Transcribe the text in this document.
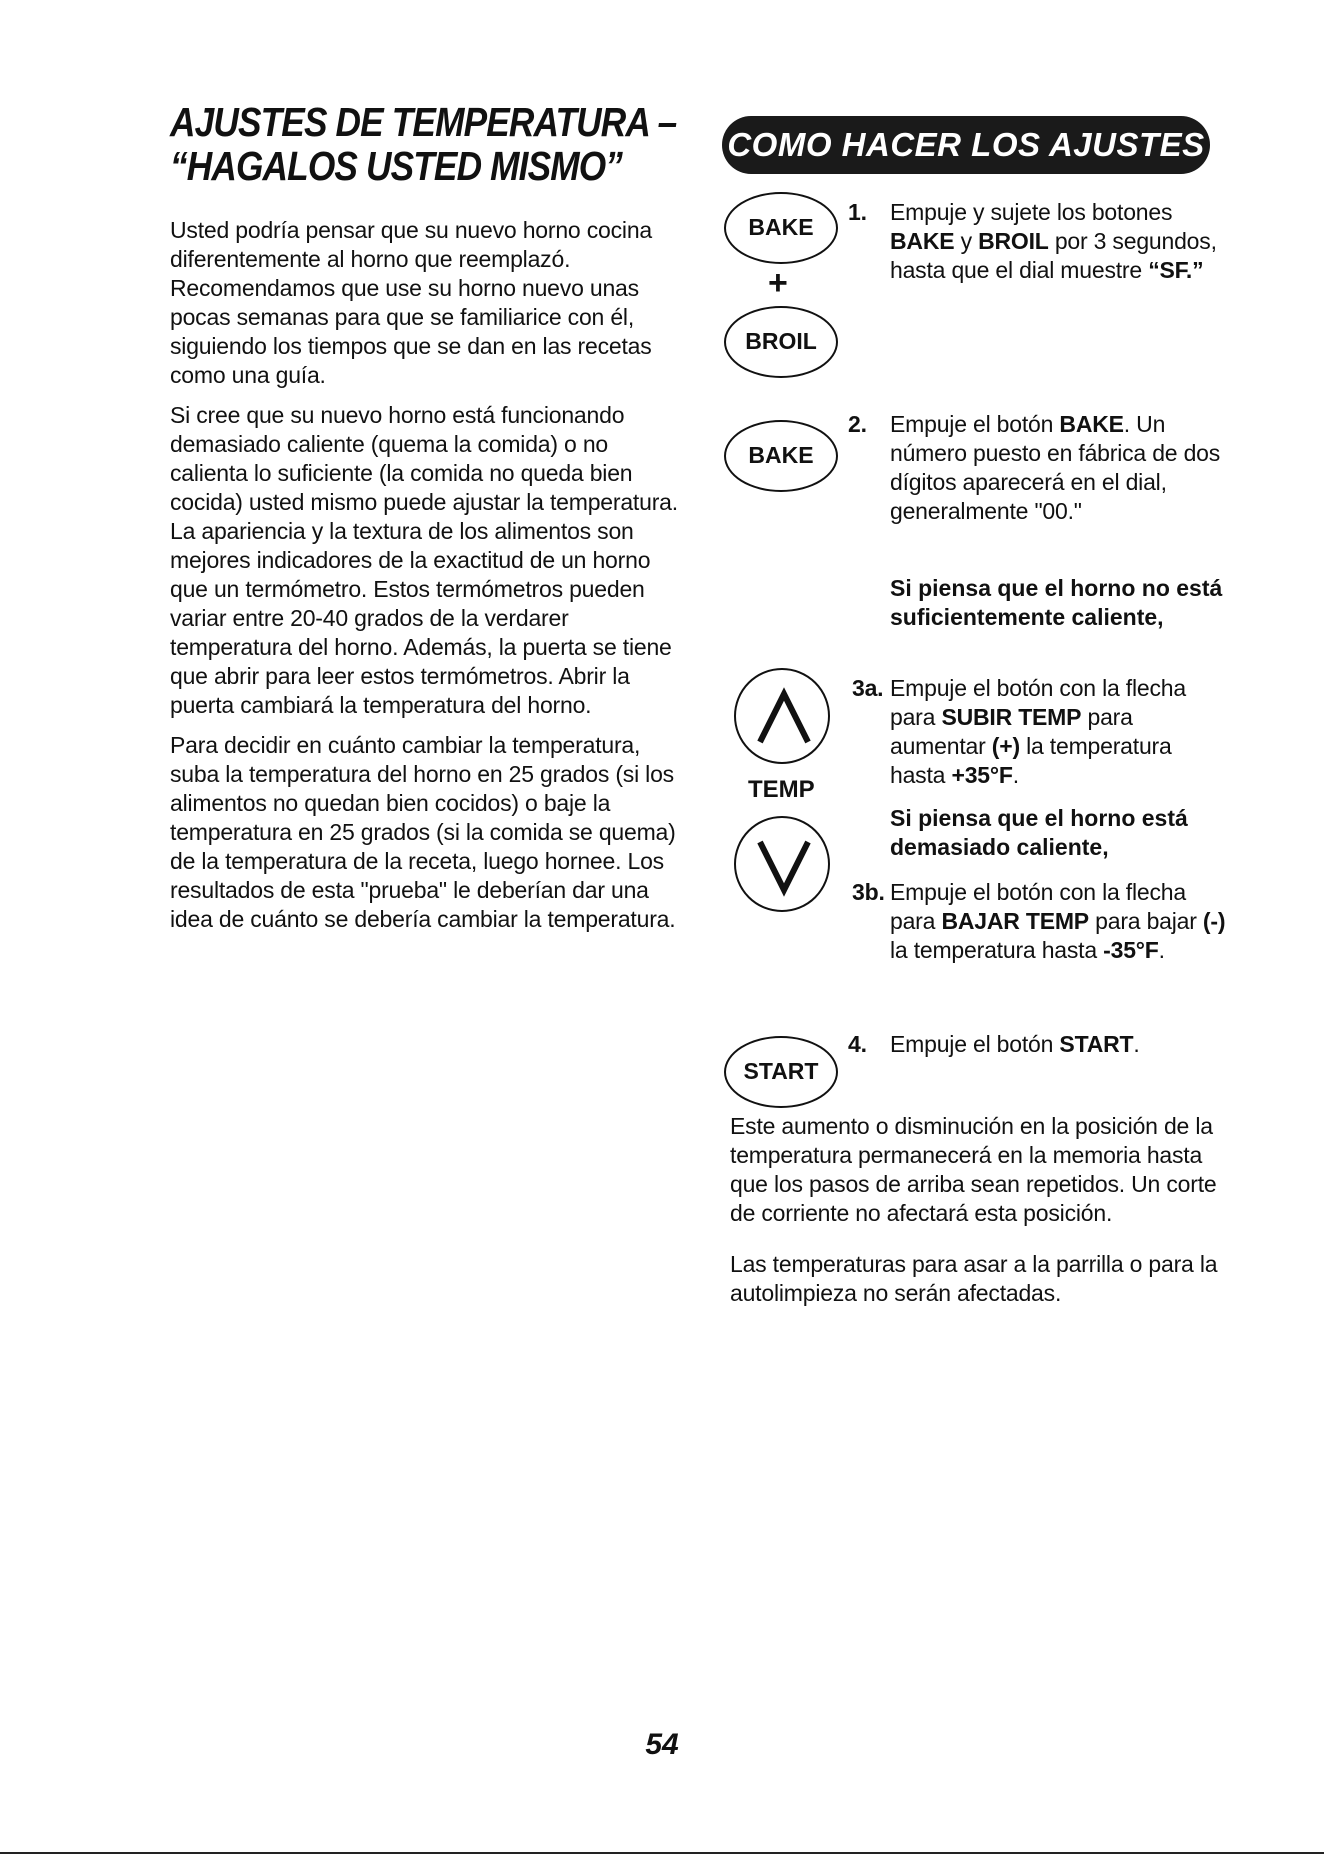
AJUSTES DE TEMPERATURA –
“HAGALOS USTED MISMO”

Usted podría pensar que su nuevo horno cocina diferentemente al horno que reemplazó. Recomendamos que use su horno nuevo unas pocas semanas para que se familiarice con él, siguiendo los tiempos que se dan en las recetas como una guía.

Si cree que su nuevo horno está funcionando demasiado caliente (quema la comida) o no calienta lo suficiente (la comida no queda bien cocida) usted mismo puede ajustar la temperatura. La apariencia y la textura de los alimentos son mejores indicadores de la exactitud de un horno que un termómetro. Estos termómetros pueden variar entre 20-40 grados de la verdarer temperatura del horno. Además, la puerta se tiene que abrir para leer estos termómetros. Abrir la puerta cambiará la temperatura del horno.

Para decidir en cuánto cambiar la temperatura, suba la temperatura del horno en 25 grados (si los alimentos no quedan bien cocidos) o baje la temperatura en 25 grados (si la comida se quema) de la temperatura de la receta, luego hornee. Los resultados de esta "prueba" le deberían dar una idea de cuánto se debería cambiar la temperatura.

COMO HACER LOS AJUSTES
BAKE
+
BROIL
1. Empuje y sujete los botones BAKE y BROIL por 3 segundos, hasta que el dial muestre “SF.”
BAKE
2. Empuje el botón BAKE. Un número puesto en fábrica de dos dígitos aparecerá en el dial, generalmente "00."
Si piensa que el horno no está suficientemente caliente,
TEMP
3a. Empuje el botón con la flecha para SUBIR TEMP para aumentar (+) la temperatura hasta +35°F.
Si piensa que el horno está demasiado caliente,
3b. Empuje el botón con la flecha para BAJAR TEMP para bajar (-) la temperatura hasta -35°F.
START
4. Empuje el botón START.

Este aumento o disminución en la posición de la temperatura permanecerá en la memoria hasta que los pasos de arriba sean repetidos. Un corte de corriente no afectará esta posición.

Las temperaturas para asar a la parrilla o para la autolimpieza no serán afectadas.

54
